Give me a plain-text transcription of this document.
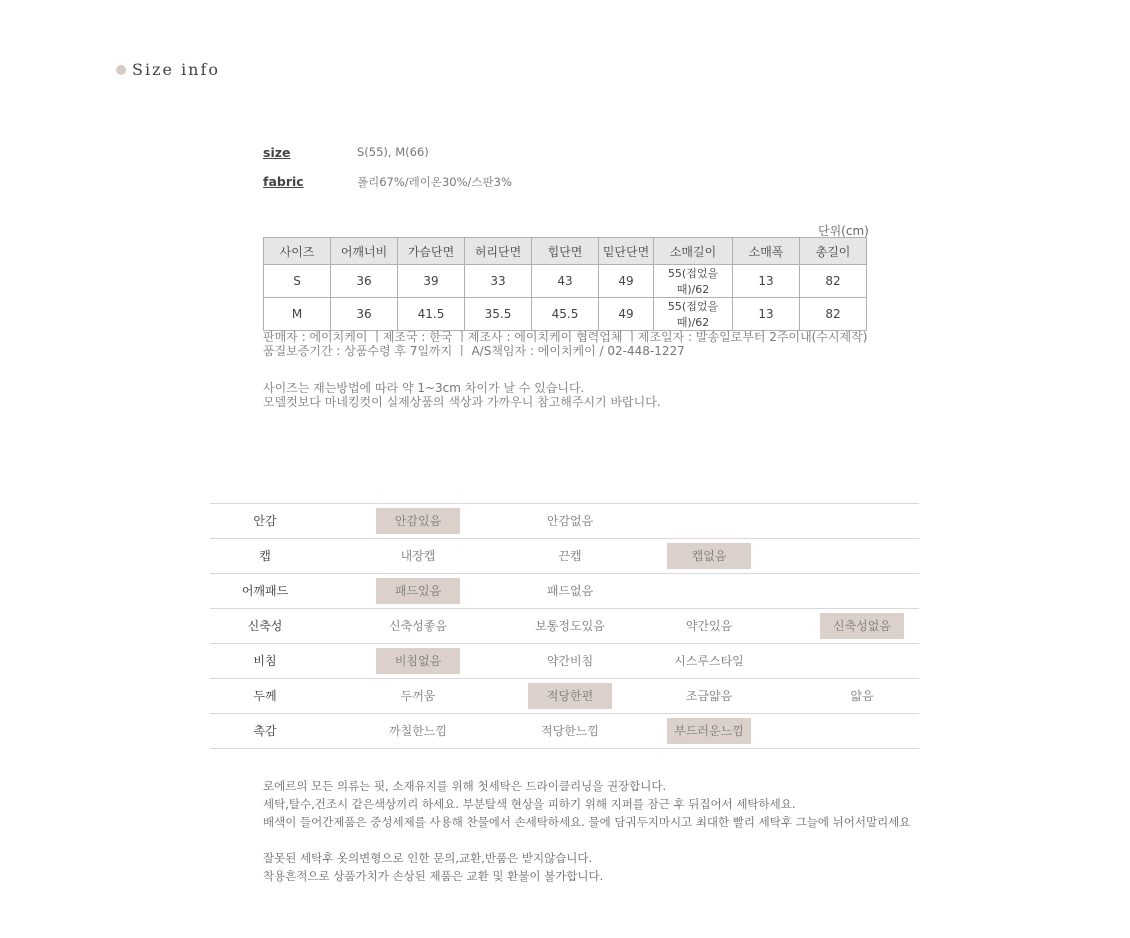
Size info
size	S(55), M(66)
fabric	폴리67%/레이온30%/스판3%
단위(cm)
사이즈	어깨너비	가슴단면	허리단면	힙단면	밑단단면	소매길이	소매폭	총길이
S	36	39	33	43	49	55(접었을때)/62	13	82
M	36	41.5	35.5	45.5	49	55(접었을때)/62	13	82
판매자 : 에이치케이 ㅣ제조국 : 한국 ㅣ제조사 : 에이치케이 협력업체 ㅣ제조일자 : 발송일로부터 2주이내(수시제작)
품질보증기간 : 상품수령 후 7일까지 ㅣ A/S책임자 : 에이치케이 / 02-448-1227
사이즈는 재는방법에 따라 약 1~3cm 차이가 날 수 있습니다.
모델컷보다 마네킹컷이 실제상품의 색상과 가까우니 참고해주시기 바랍니다.
안감	안감있음	안감없음
캡	내장캡	끈캡	캡없음
어깨패드	패드있음	패드없음
신축성	신축성좋음	보통정도있음	약간있음	신축성없음
비침	비침없음	약간비침	시스루스타일
두께	두꺼움	적당한편	조금얇음	얇음
촉감	까칠한느낌	적당한느낌	부드러운느낌
로에르의 모든 의류는 핏, 소재유지를 위해 첫세탁은 드라이클리닝을 권장합니다.
세탁,탈수,건조시 같은색상끼리 하세요. 부분탈색 현상을 피하기 위해 지퍼를 잠근 후 뒤집어서 세탁하세요.
배색이 들어간제품은 중성세제를 사용해 찬물에서 손세탁하세요. 물에 담궈두지마시고 최대한 빨리 세탁후 그늘에 뉘어서말리세요
잘못된 세탁후 옷의변형으로 인한 문의,교환,반품은 받지않습니다.
착용흔적으로 상품가치가 손상된 제품은 교환 및 환불이 불가합니다.
